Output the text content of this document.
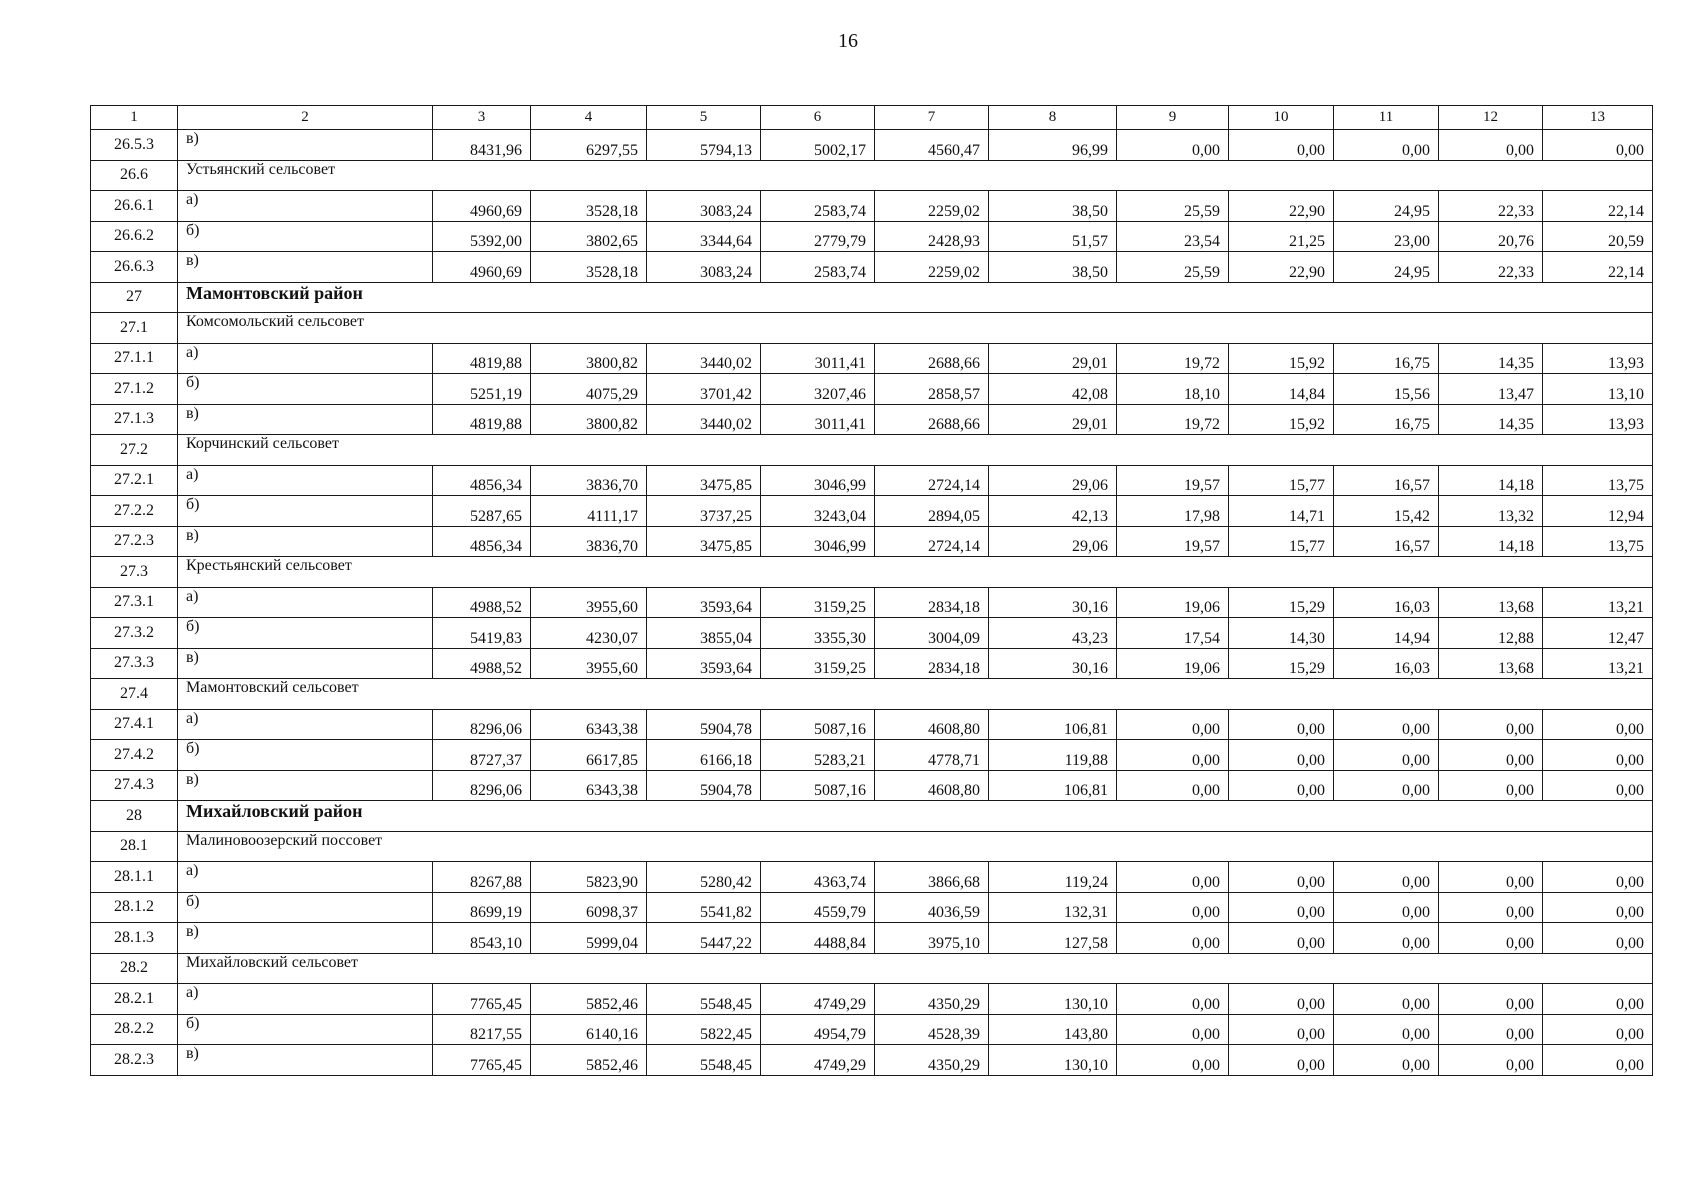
16
1	2	3	4	5	6	7	8	9	10	11	12	13
26.5.3	в)	8431,96	6297,55	5794,13	5002,17	4560,47	96,99	0,00	0,00	0,00	0,00	0,00
26.6	Устьянский сельсовет											
26.6.1	а)	4960,69	3528,18	3083,24	2583,74	2259,02	38,50	25,59	22,90	24,95	22,33	22,14
26.6.2	б)	5392,00	3802,65	3344,64	2779,79	2428,93	51,57	23,54	21,25	23,00	20,76	20,59
26.6.3	в)	4960,69	3528,18	3083,24	2583,74	2259,02	38,50	25,59	22,90	24,95	22,33	22,14
27	Мамонтовский район											
27.1	Комсомольский сельсовет											
27.1.1	а)	4819,88	3800,82	3440,02	3011,41	2688,66	29,01	19,72	15,92	16,75	14,35	13,93
27.1.2	б)	5251,19	4075,29	3701,42	3207,46	2858,57	42,08	18,10	14,84	15,56	13,47	13,10
27.1.3	в)	4819,88	3800,82	3440,02	3011,41	2688,66	29,01	19,72	15,92	16,75	14,35	13,93
27.2	Корчинский сельсовет											
27.2.1	а)	4856,34	3836,70	3475,85	3046,99	2724,14	29,06	19,57	15,77	16,57	14,18	13,75
27.2.2	б)	5287,65	4111,17	3737,25	3243,04	2894,05	42,13	17,98	14,71	15,42	13,32	12,94
27.2.3	в)	4856,34	3836,70	3475,85	3046,99	2724,14	29,06	19,57	15,77	16,57	14,18	13,75
27.3	Крестьянский сельсовет											
27.3.1	а)	4988,52	3955,60	3593,64	3159,25	2834,18	30,16	19,06	15,29	16,03	13,68	13,21
27.3.2	б)	5419,83	4230,07	3855,04	3355,30	3004,09	43,23	17,54	14,30	14,94	12,88	12,47
27.3.3	в)	4988,52	3955,60	3593,64	3159,25	2834,18	30,16	19,06	15,29	16,03	13,68	13,21
27.4	Мамонтовский сельсовет											
27.4.1	а)	8296,06	6343,38	5904,78	5087,16	4608,80	106,81	0,00	0,00	0,00	0,00	0,00
27.4.2	б)	8727,37	6617,85	6166,18	5283,21	4778,71	119,88	0,00	0,00	0,00	0,00	0,00
27.4.3	в)	8296,06	6343,38	5904,78	5087,16	4608,80	106,81	0,00	0,00	0,00	0,00	0,00
28	Михайловский район											
28.1	Малиновоозерский поссовет											
28.1.1	а)	8267,88	5823,90	5280,42	4363,74	3866,68	119,24	0,00	0,00	0,00	0,00	0,00
28.1.2	б)	8699,19	6098,37	5541,82	4559,79	4036,59	132,31	0,00	0,00	0,00	0,00	0,00
28.1.3	в)	8543,10	5999,04	5447,22	4488,84	3975,10	127,58	0,00	0,00	0,00	0,00	0,00
28.2	Михайловский сельсовет											
28.2.1	а)	7765,45	5852,46	5548,45	4749,29	4350,29	130,10	0,00	0,00	0,00	0,00	0,00
28.2.2	б)	8217,55	6140,16	5822,45	4954,79	4528,39	143,80	0,00	0,00	0,00	0,00	0,00
28.2.3	в)	7765,45	5852,46	5548,45	4749,29	4350,29	130,10	0,00	0,00	0,00	0,00	0,00
